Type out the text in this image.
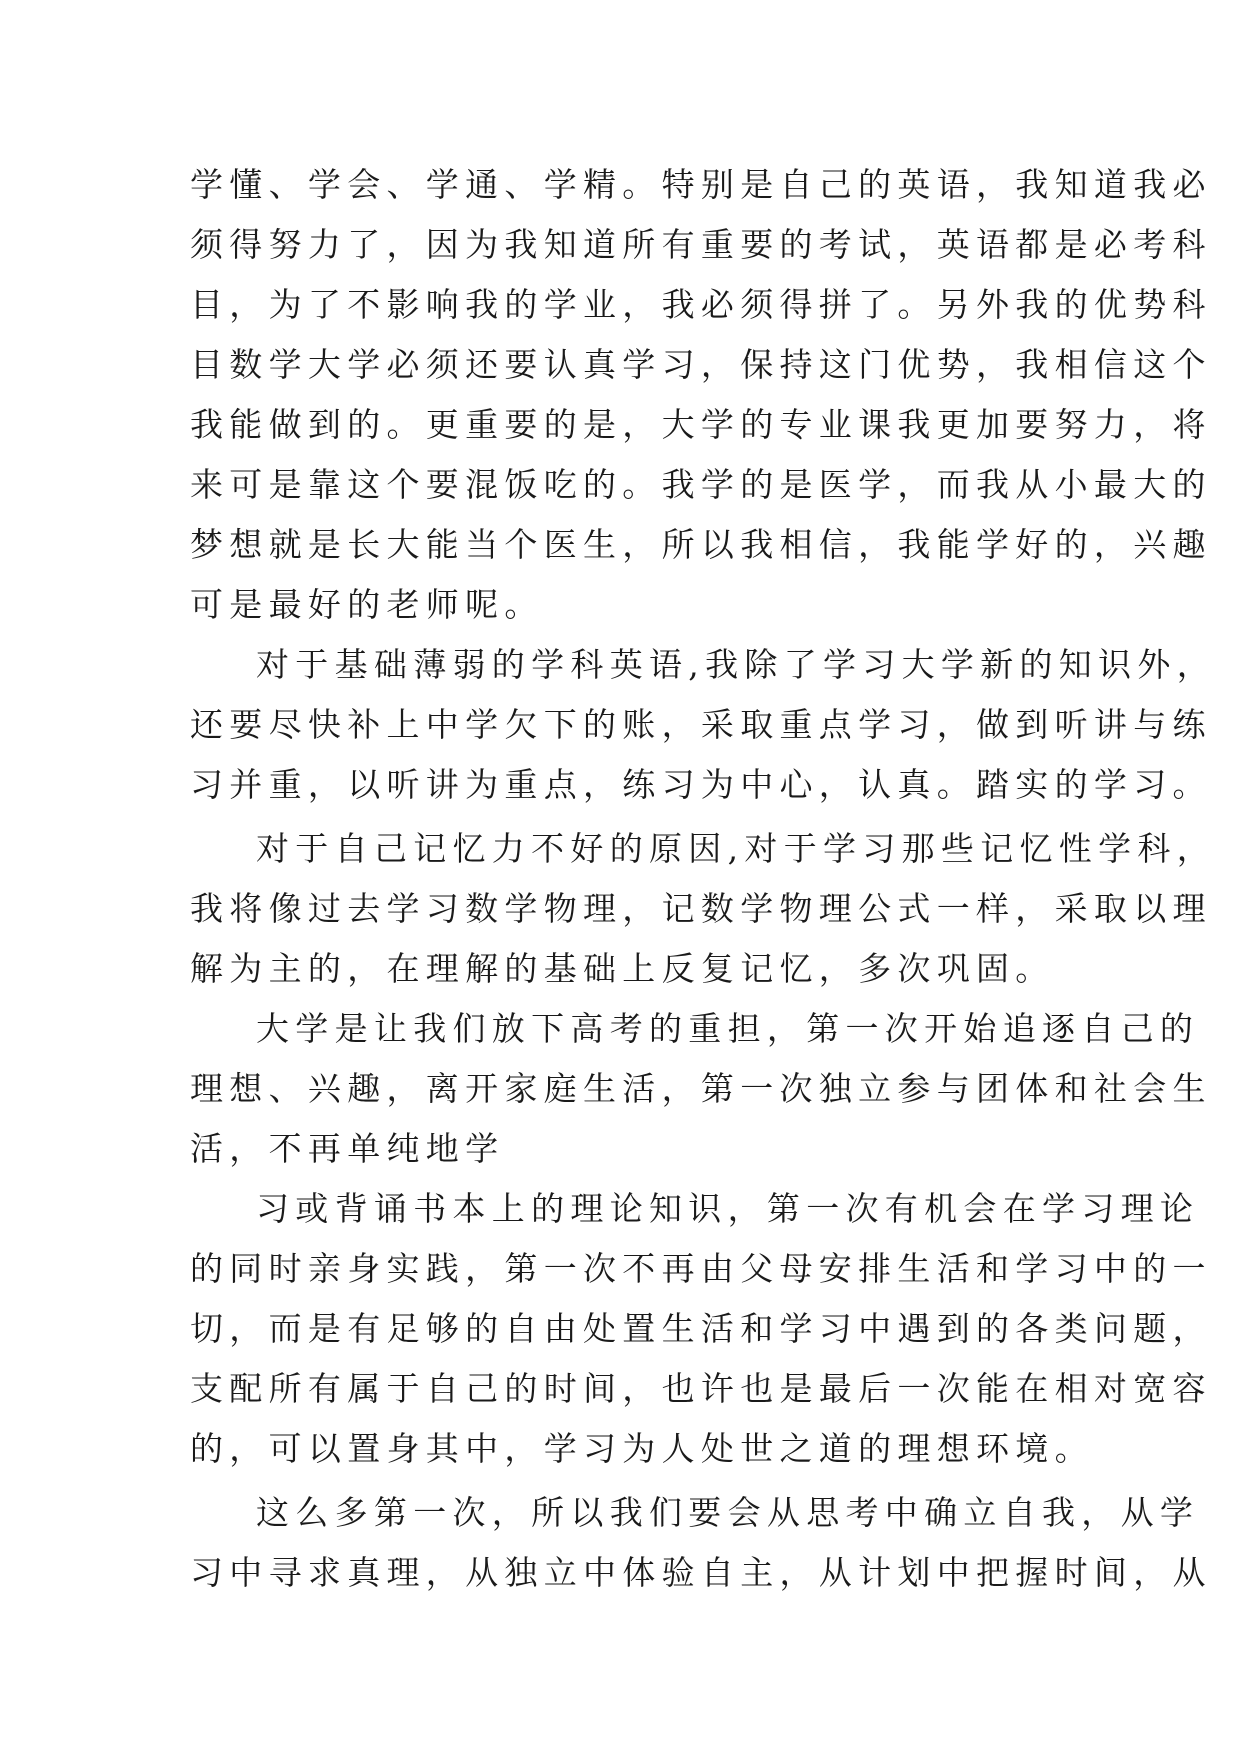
学懂、学会、学通、学精。特别是自己的英语，我知道我必
须得努力了，因为我知道所有重要的考试，英语都是必考科
目，为了不影响我的学业，我必须得拼了。另外我的优势科
目数学大学必须还要认真学习，保持这门优势，我相信这个
我能做到的。更重要的是，大学的专业课我更加要努力，将
来可是靠这个要混饭吃的。我学的是医学，而我从小最大的
梦想就是长大能当个医生，所以我相信，我能学好的，兴趣
可是最好的老师呢。
对于基础薄弱的学科英语,我除了学习大学新的知识外，
还要尽快补上中学欠下的账，采取重点学习，做到听讲与练
习并重，以听讲为重点，练习为中心，认真。踏实的学习。
对于自己记忆力不好的原因,对于学习那些记忆性学科，
我将像过去学习数学物理，记数学物理公式一样，采取以理
解为主的，在理解的基础上反复记忆，多次巩固。
大学是让我们放下高考的重担，第一次开始追逐自己的
理想、兴趣，离开家庭生活，第一次独立参与团体和社会生
活，不再单纯地学
习或背诵书本上的理论知识，第一次有机会在学习理论
的同时亲身实践，第一次不再由父母安排生活和学习中的一
切，而是有足够的自由处置生活和学习中遇到的各类问题，
支配所有属于自己的时间，也许也是最后一次能在相对宽容
的，可以置身其中，学习为人处世之道的理想环境。
这么多第一次，所以我们要会从思考中确立自我，从学
习中寻求真理，从独立中体验自主，从计划中把握时间，从
